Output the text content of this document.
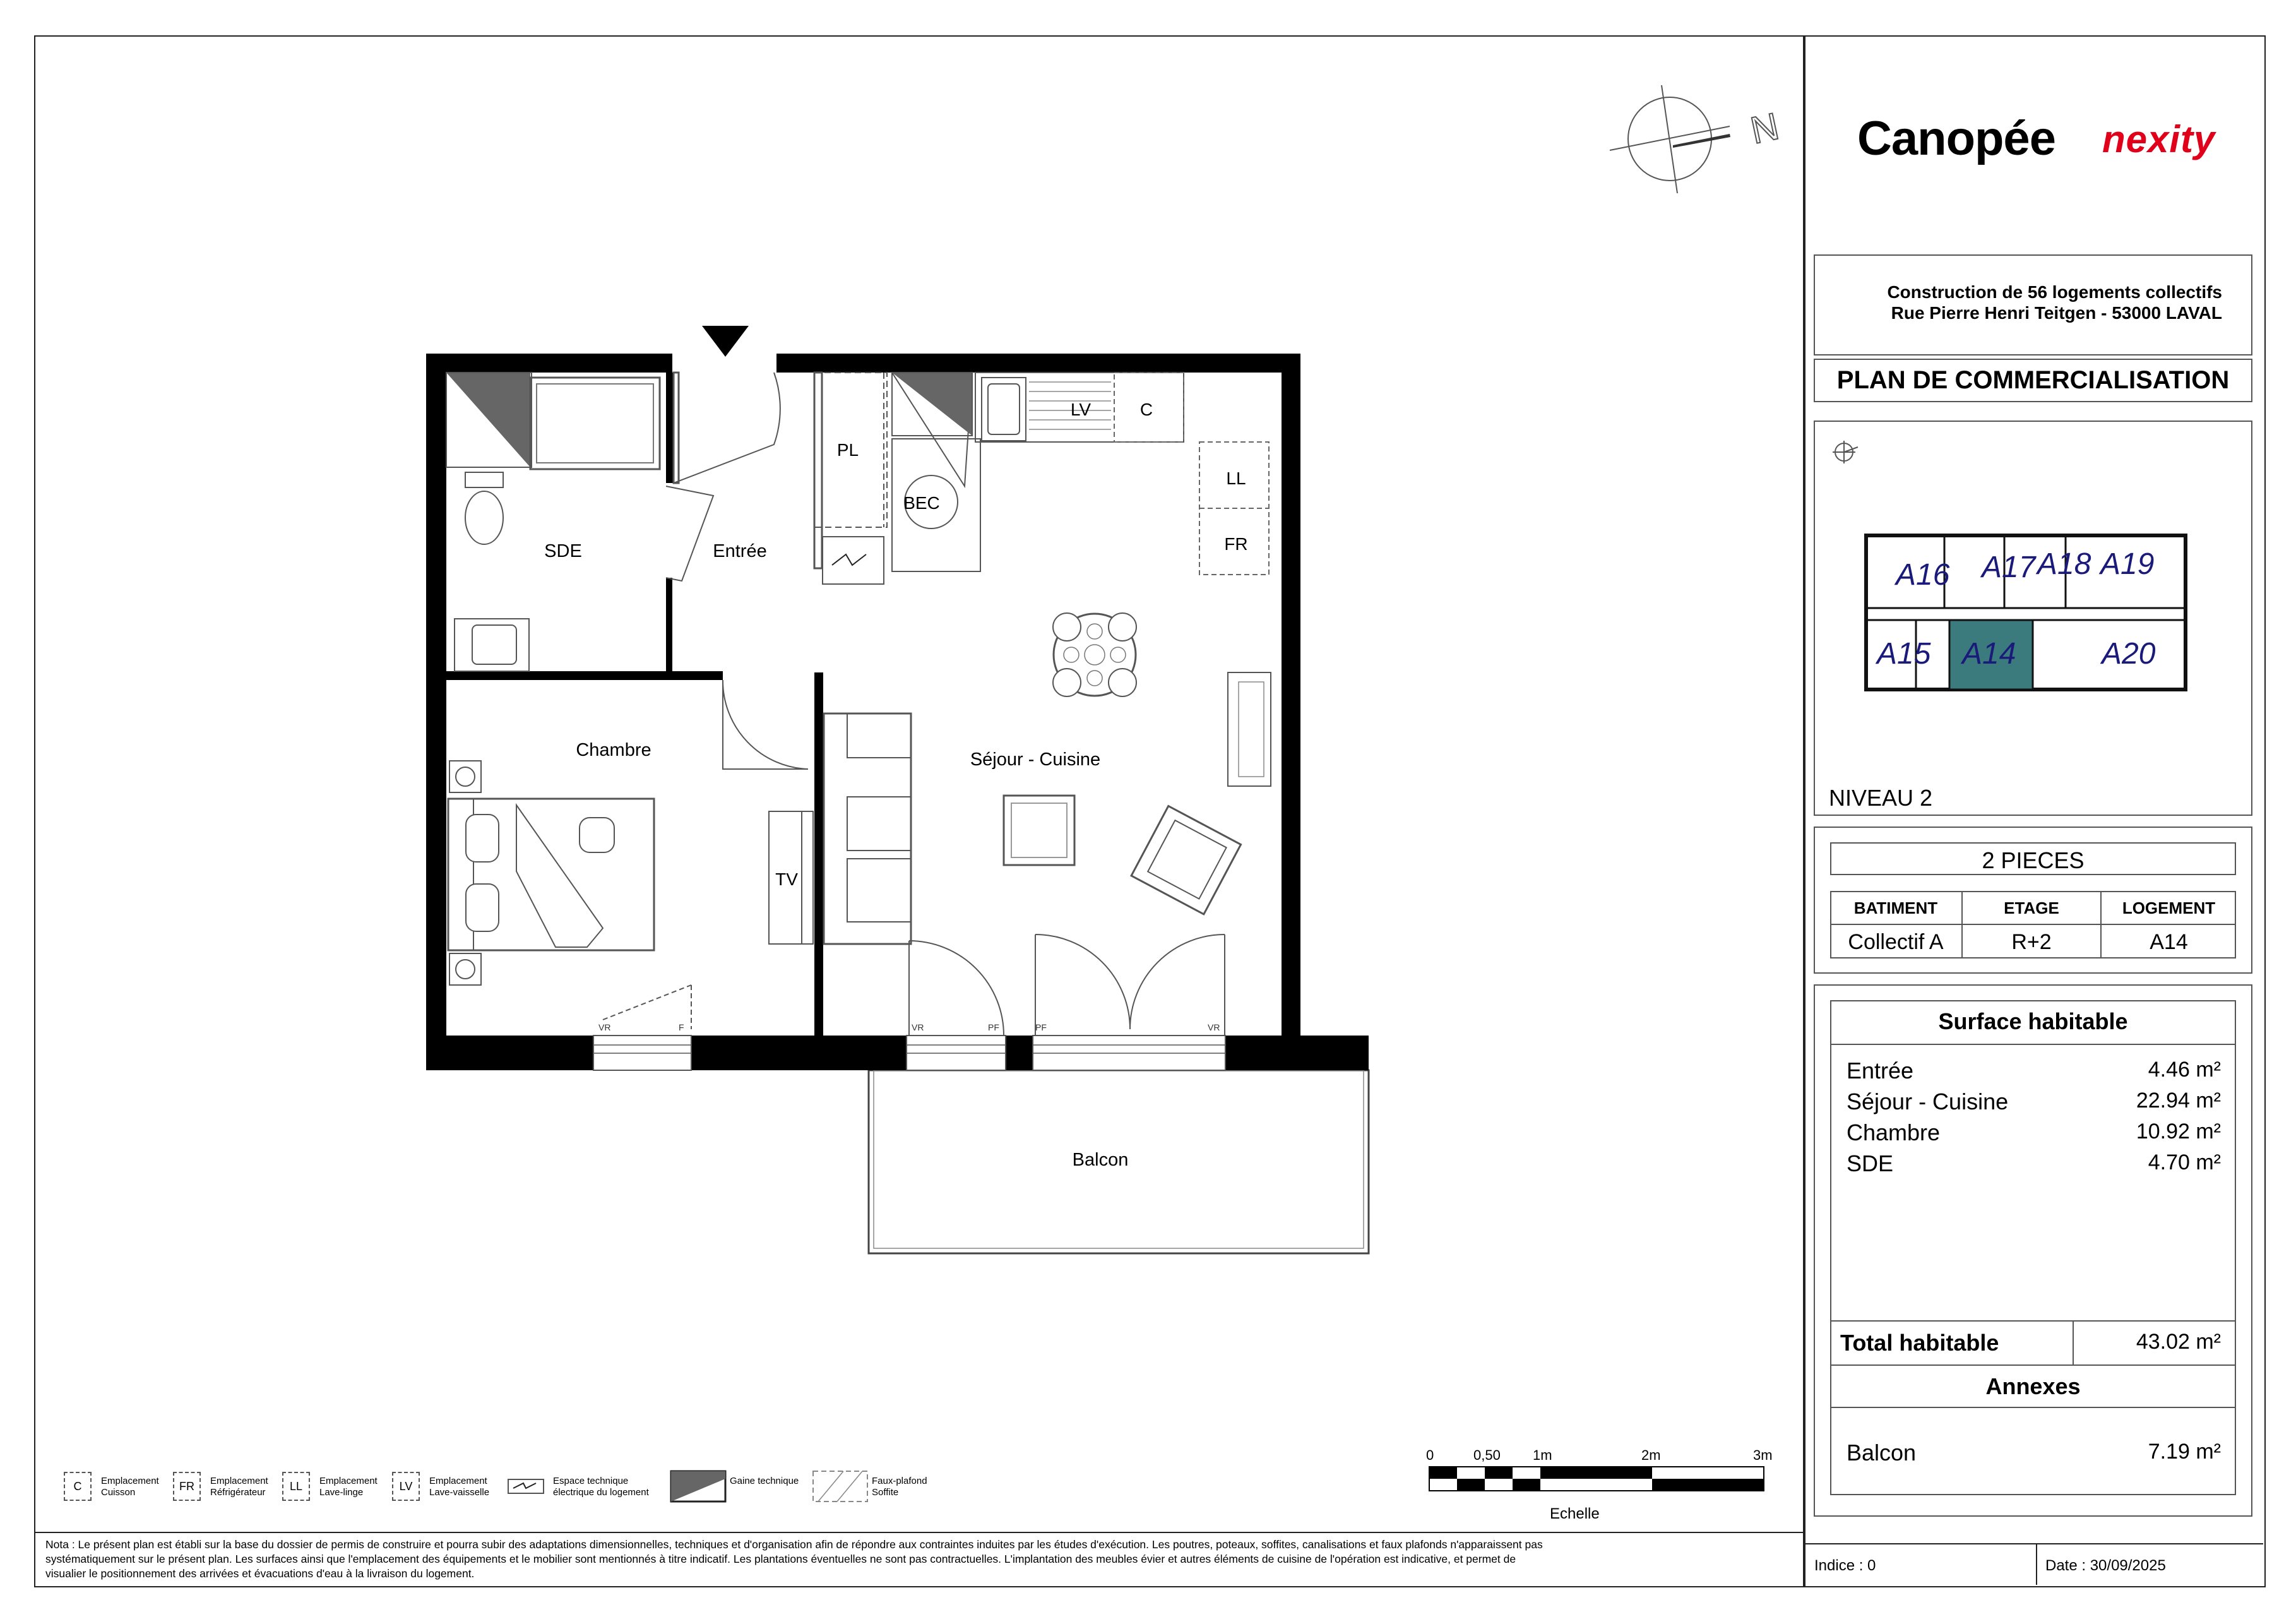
Canopée nexity
Construction de 56 logements collectifs
Rue Pierre Henri Teitgen - 53000 LAVAL
PLAN DE COMMERCIALISATION
A16 A17 A18 A19
A15 A14	A20
NIVEAU 2
2 PIECES
BATIMENT	ETAGE	LOGEMENT
Collectif A	R+2	A14
Surface habitable
Entrée	4.46 m²
Séjour - Cuisine	22.94 m²
Chambre	10.92 m²
SDE	4.70 m²
Total habitable	43.02 m²
Annexes
Balcon	7.19 m²
Indice : 0	Date : 30/09/2025
Nota : Le présent plan est établi sur la base du dossier de permis de construire et pourra subir des adaptations dimensionnelles, techniques et d'organisation afin de répondre aux contraintes induites par les études d'exécution. Les poutres, poteaux, soffites, canalisations et faux plafonds n'apparaissent pas
systématiquement sur le présent plan. Les surfaces ainsi que l'emplacement des équipements et le mobilier sont mentionnés à titre indicatif. Les plantations éventuelles ne sont pas contractuelles. L'implantation des meubles évier et autres éléments de cuisine de l'opération est indicative, et permet de
visualier le positionnement des arrivées et évacuations d'eau à la livraison du logement.
C	Emplacement
Cuisson	FR	Emplacement
Réfrigérateur	LL	Emplacement
Lave-linge	LV	Emplacement
Lave-vaisselle
Espace technique
électrique du logement
Gaine technique	Faux-plafond
Soffite
0	0,50 1m	2m	3m
Echelle
N
VR	F	VR	PF	PF	VR
SDE	Entrée
Chambre	Séjour - Cuisine
Balcon
LV	C
LL
FR
PL
BEC
TV
